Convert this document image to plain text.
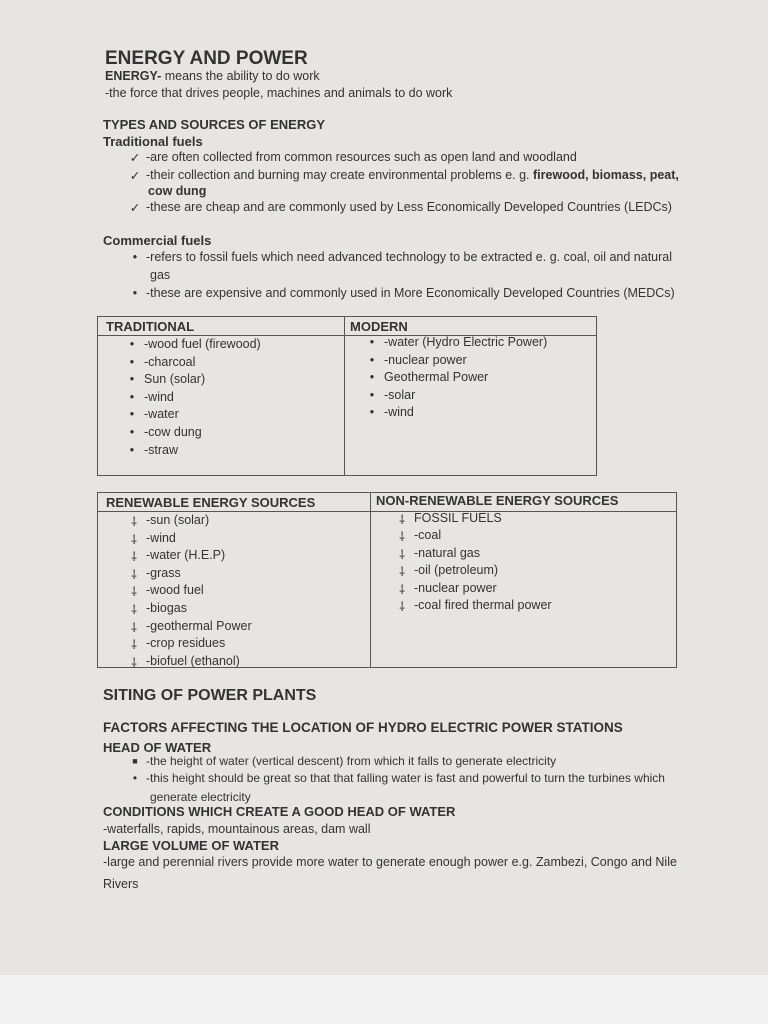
ENERGY AND POWER
ENERGY- means the ability to do work
-the force that drives people, machines and animals to do work
TYPES AND SOURCES OF ENERGY
Traditional fuels
✓ -are often collected from common resources such as open land and woodland
✓ -their collection and burning may create environmental problems e. g. firewood, biomass, peat,
cow dung
✓ -these are cheap and are commonly used by Less Economically Developed Countries (LEDCs)
Commercial fuels
• -refers to fossil fuels which need advanced technology to be extracted e. g. coal, oil and natural
gas
• -these are expensive and commonly used in More Economically Developed Countries (MEDCs)
TRADITIONAL	MODERN
• -wood fuel (firewood)
• -charcoal
• Sun (solar)
• -wind
• -water
• -cow dung
• -straw
• -water (Hydro Electric Power)
• -nuclear power
• Geothermal Power
• -solar
• -wind
RENEWABLE ENERGY SOURCES	NON-RENEWABLE ENERGY SOURCES
⸸ -sun (solar)
⸸ -wind
⸸ -water (H.E.P)
⸸ -grass
⸸ -wood fuel
⸸ -biogas
⸸ -geothermal Power
⸸ -crop residues
⸸ -biofuel (ethanol)
⸸ FOSSIL FUELS
⸸ -coal
⸸ -natural gas
⸸ -oil (petroleum)
⸸ -nuclear power
⸸ -coal fired thermal power
SITING OF POWER PLANTS
FACTORS AFFECTING THE LOCATION OF HYDRO ELECTRIC POWER STATIONS
HEAD OF WATER
■ -the height of water (vertical descent) from which it falls to generate electricity
• -this height should be great so that that falling water is fast and powerful to turn the turbines which
generate electricity
CONDITIONS WHICH CREATE A GOOD HEAD OF WATER
-waterfalls, rapids, mountainous areas, dam wall
LARGE VOLUME OF WATER
-large and perennial rivers provide more water to generate enough power e.g. Zambezi, Congo and Nile
Rivers
